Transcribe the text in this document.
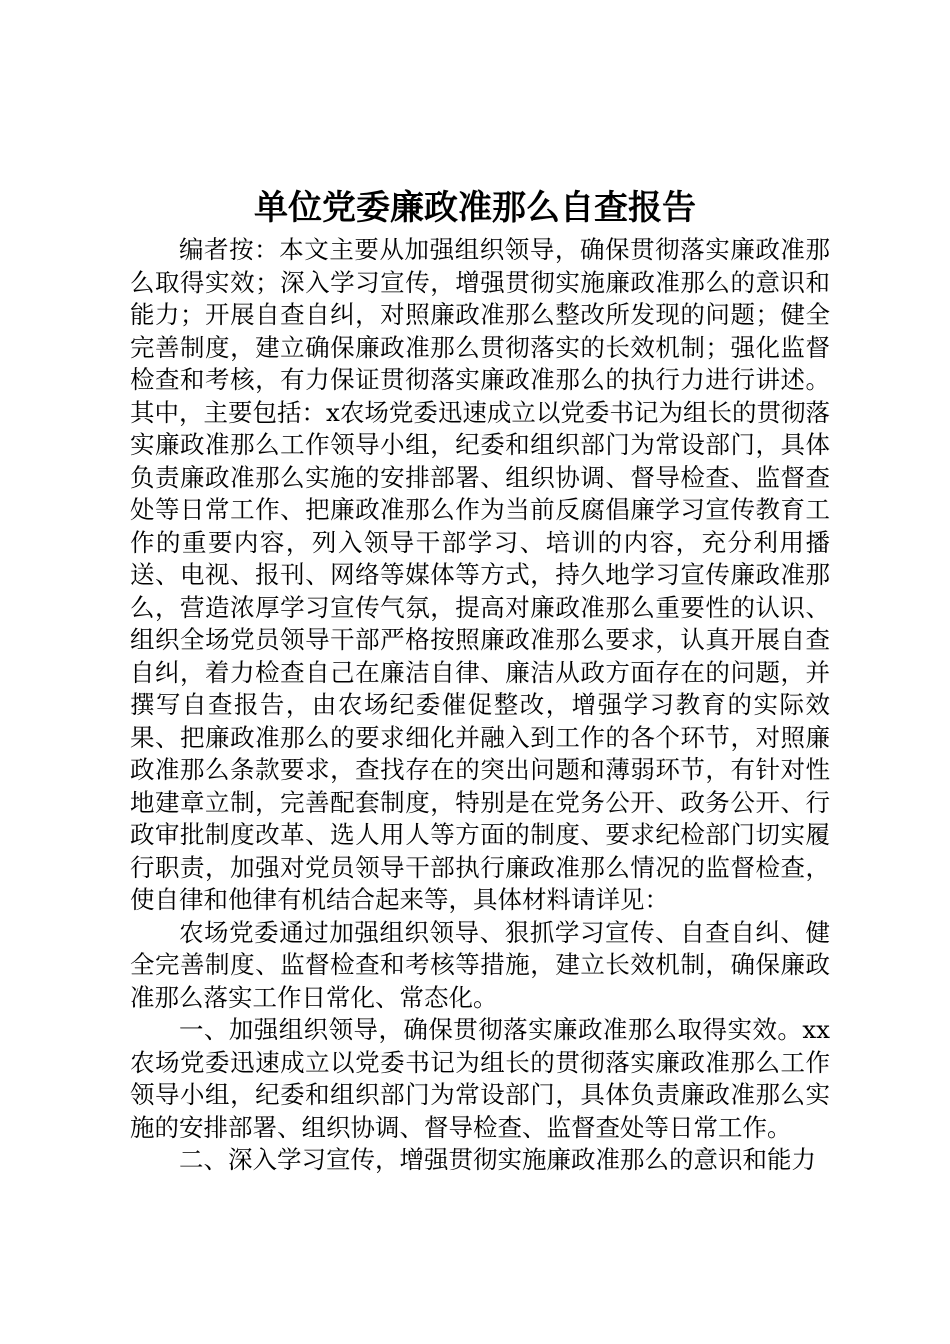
单位党委廉政准那么自查报告

编者按：本文主要从加强组织领导，确保贯彻落实廉政准那么取得实效；深入学习宣传，增强贯彻实施廉政准那么的意识和能力；开展自查自纠，对照廉政准那么整改所发现的问题；健全完善制度，建立确保廉政准那么贯彻落实的长效机制；强化监督检查和考核，有力保证贯彻落实廉政准那么的执行力进行讲述。其中，主要包括：x农场党委迅速成立以党委书记为组长的贯彻落实廉政准那么工作领导小组，纪委和组织部门为常设部门，具体负责廉政准那么实施的安排部署、组织协调、督导检查、监督查处等日常工作、把廉政准那么作为当前反腐倡廉学习宣传教育工作的重要内容，列入领导干部学习、培训的内容，充分利用播送、电视、报刊、网络等媒体等方式，持久地学习宣传廉政准那么，营造浓厚学习宣传气氛，提高对廉政准那么重要性的认识、组织全场党员领导干部严格按照廉政准那么要求，认真开展自查自纠，着力检查自己在廉洁自律、廉洁从政方面存在的问题，并撰写自查报告，由农场纪委催促整改，增强学习教育的实际效果、把廉政准那么的要求细化并融入到工作的各个环节，对照廉政准那么条款要求，查找存在的突出问题和薄弱环节，有针对性地建章立制，完善配套制度，特别是在党务公开、政务公开、行政审批制度改革、选人用人等方面的制度、要求纪检部门切实履行职责，加强对党员领导干部执行廉政准那么情况的监督检查，使自律和他律有机结合起来等，具体材料请详见：

农场党委通过加强组织领导、狠抓学习宣传、自查自纠、健全完善制度、监督检查和考核等措施，建立长效机制，确保廉政准那么落实工作日常化、常态化。

一、加强组织领导，确保贯彻落实廉政准那么取得实效。xx农场党委迅速成立以党委书记为组长的贯彻落实廉政准那么工作领导小组，纪委和组织部门为常设部门，具体负责廉政准那么实施的安排部署、组织协调、督导检查、监督查处等日常工作。

二、深入学习宣传，增强贯彻实施廉政准那么的意识和能力
